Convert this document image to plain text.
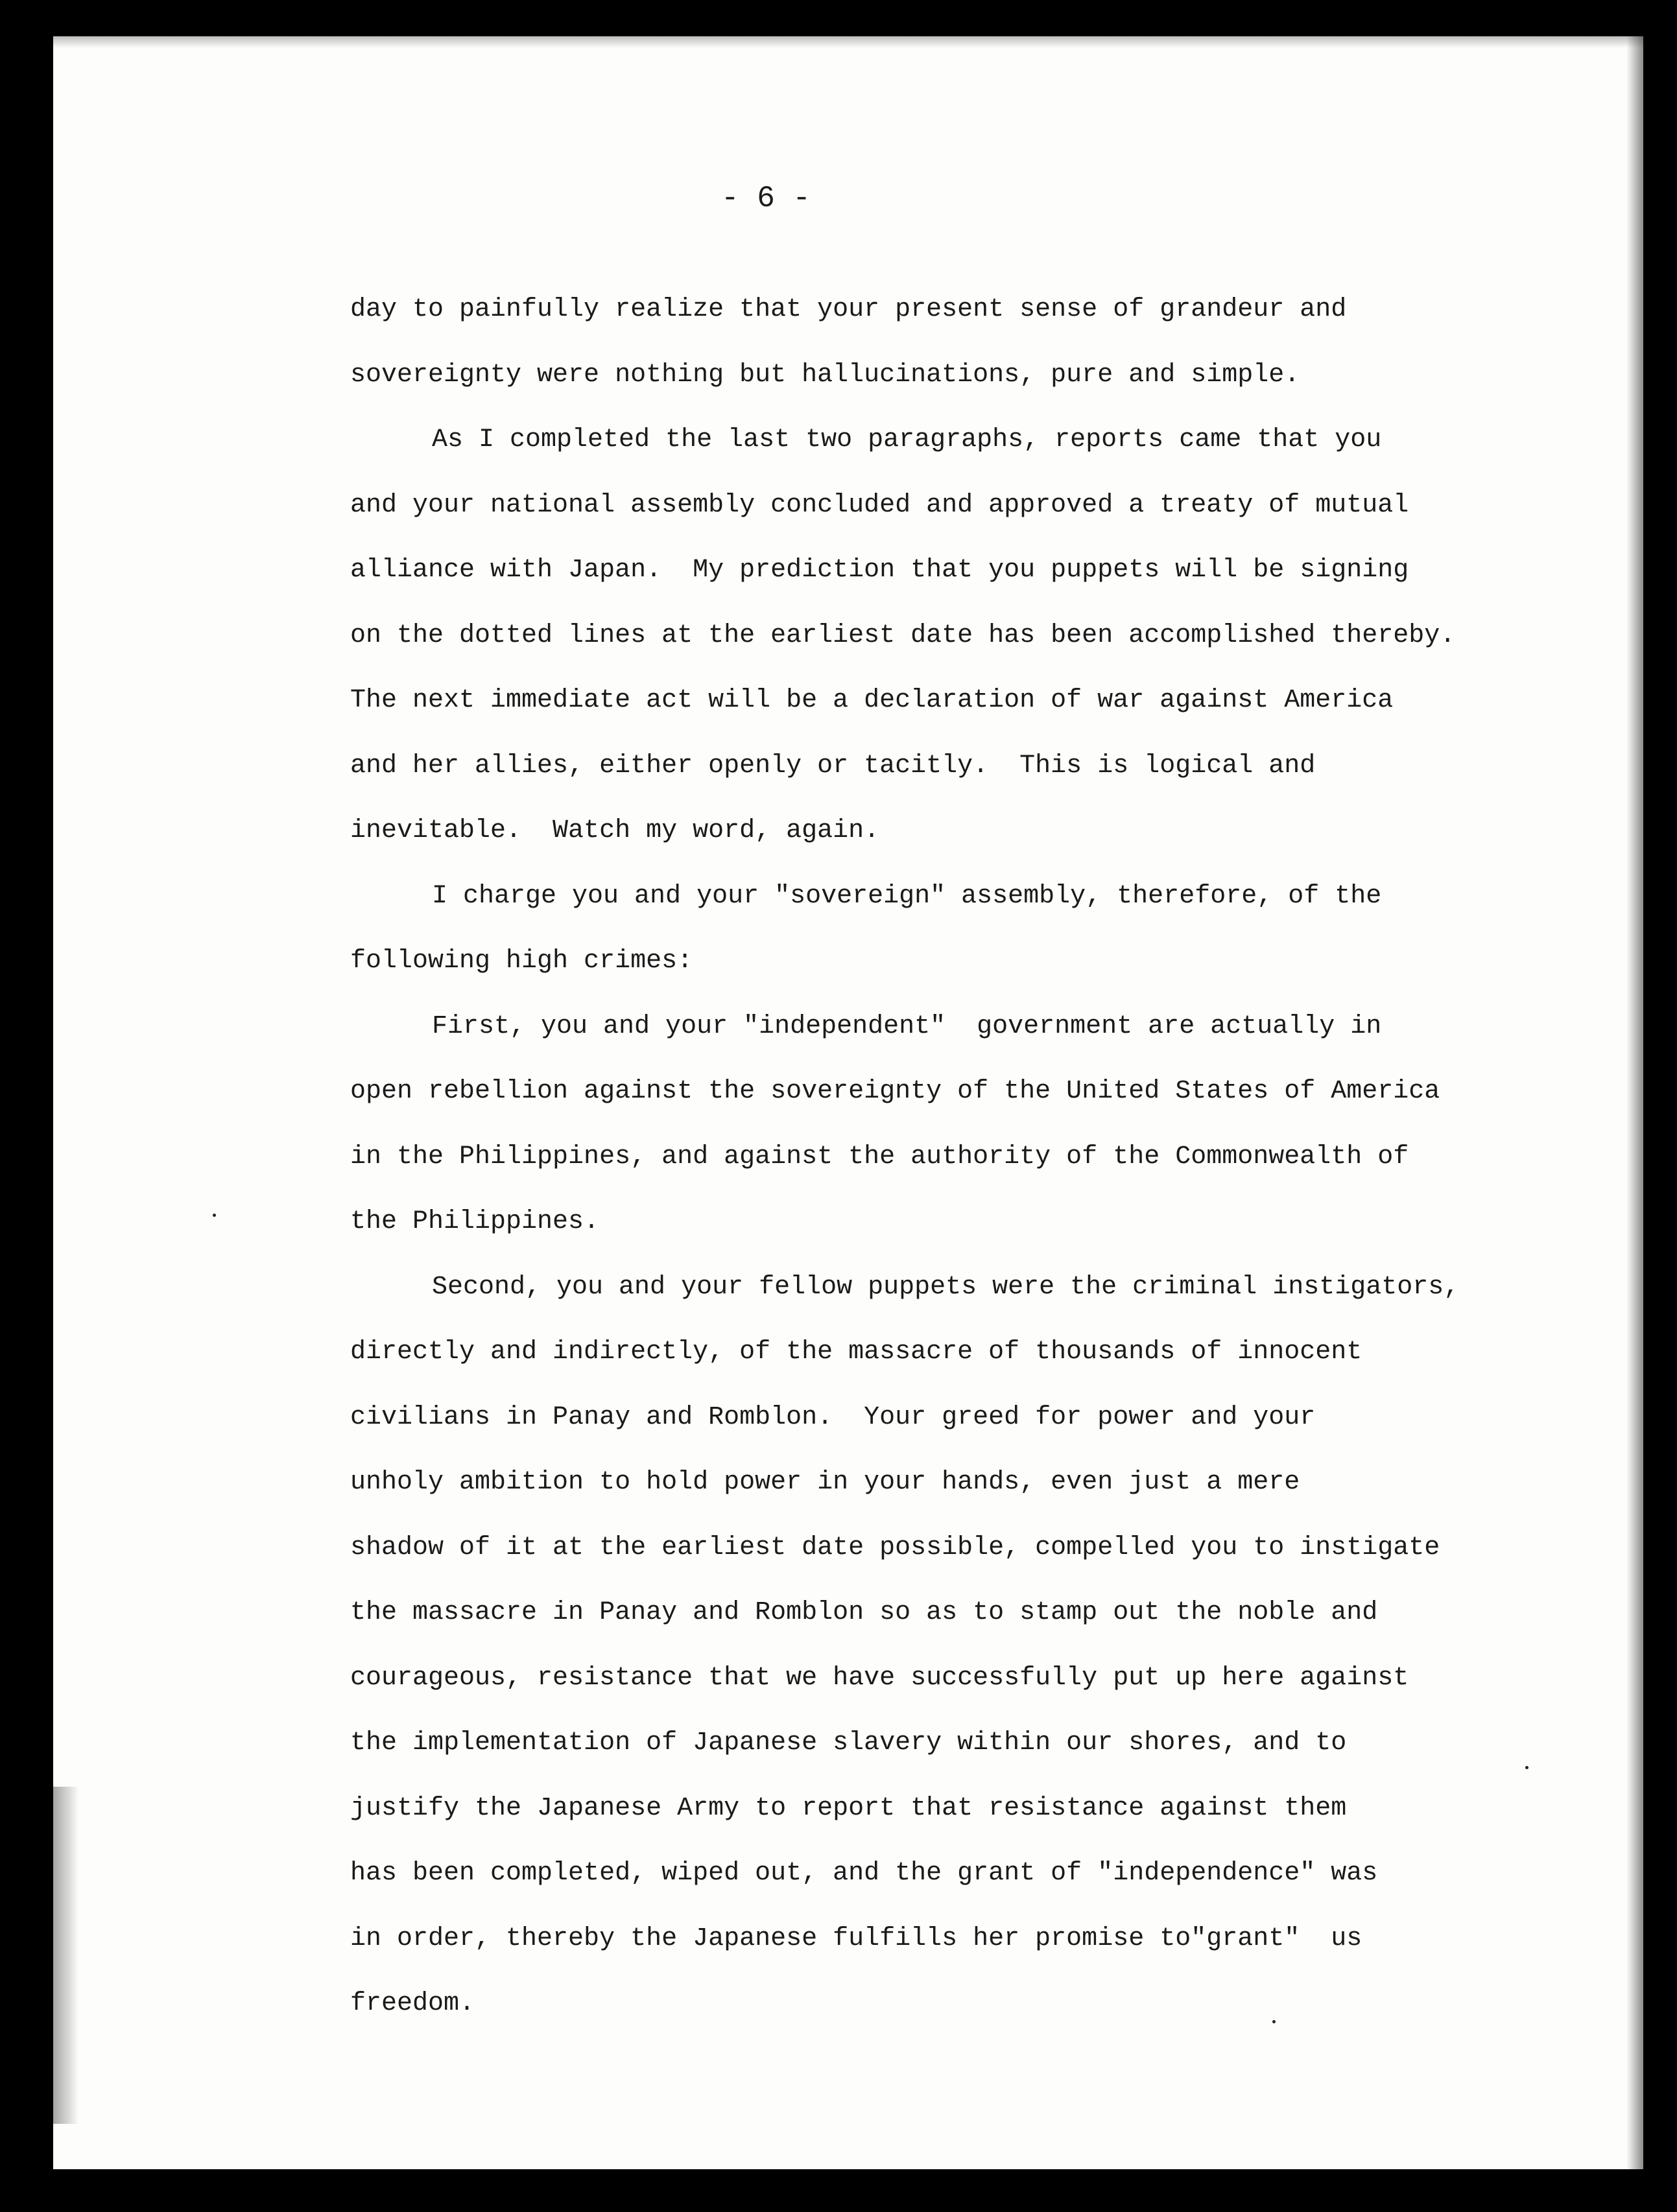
- 6 -
day to painfully realize that your present sense of grandeur and
sovereignty were nothing but hallucinations, pure and simple.
As I completed the last two paragraphs, reports came that you
and your national assembly concluded and approved a treaty of mutual
alliance with Japan.  My prediction that you puppets will be signing
on the dotted lines at the earliest date has been accomplished thereby.
The next immediate act will be a declaration of war against America
and her allies, either openly or tacitly.  This is logical and
inevitable.  Watch my word, again.
I charge you and your "sovereign" assembly, therefore, of the
following high crimes:
First, you and your "independent"  government are actually in
open rebellion against the sovereignty of the United States of America
in the Philippines, and against the authority of the Commonwealth of
the Philippines.
Second, you and your fellow puppets were the criminal instigators,
directly and indirectly, of the massacre of thousands of innocent
civilians in Panay and Romblon.  Your greed for power and your
unholy ambition to hold power in your hands, even just a mere
shadow of it at the earliest date possible, compelled you to instigate
the massacre in Panay and Romblon so as to stamp out the noble and
courageous, resistance that we have successfully put up here against
the implementation of Japanese slavery within our shores, and to
justify the Japanese Army to report that resistance against them
has been completed, wiped out, and the grant of "independence" was
in order, thereby the Japanese fulfills her promise to"grant"  us
freedom.
